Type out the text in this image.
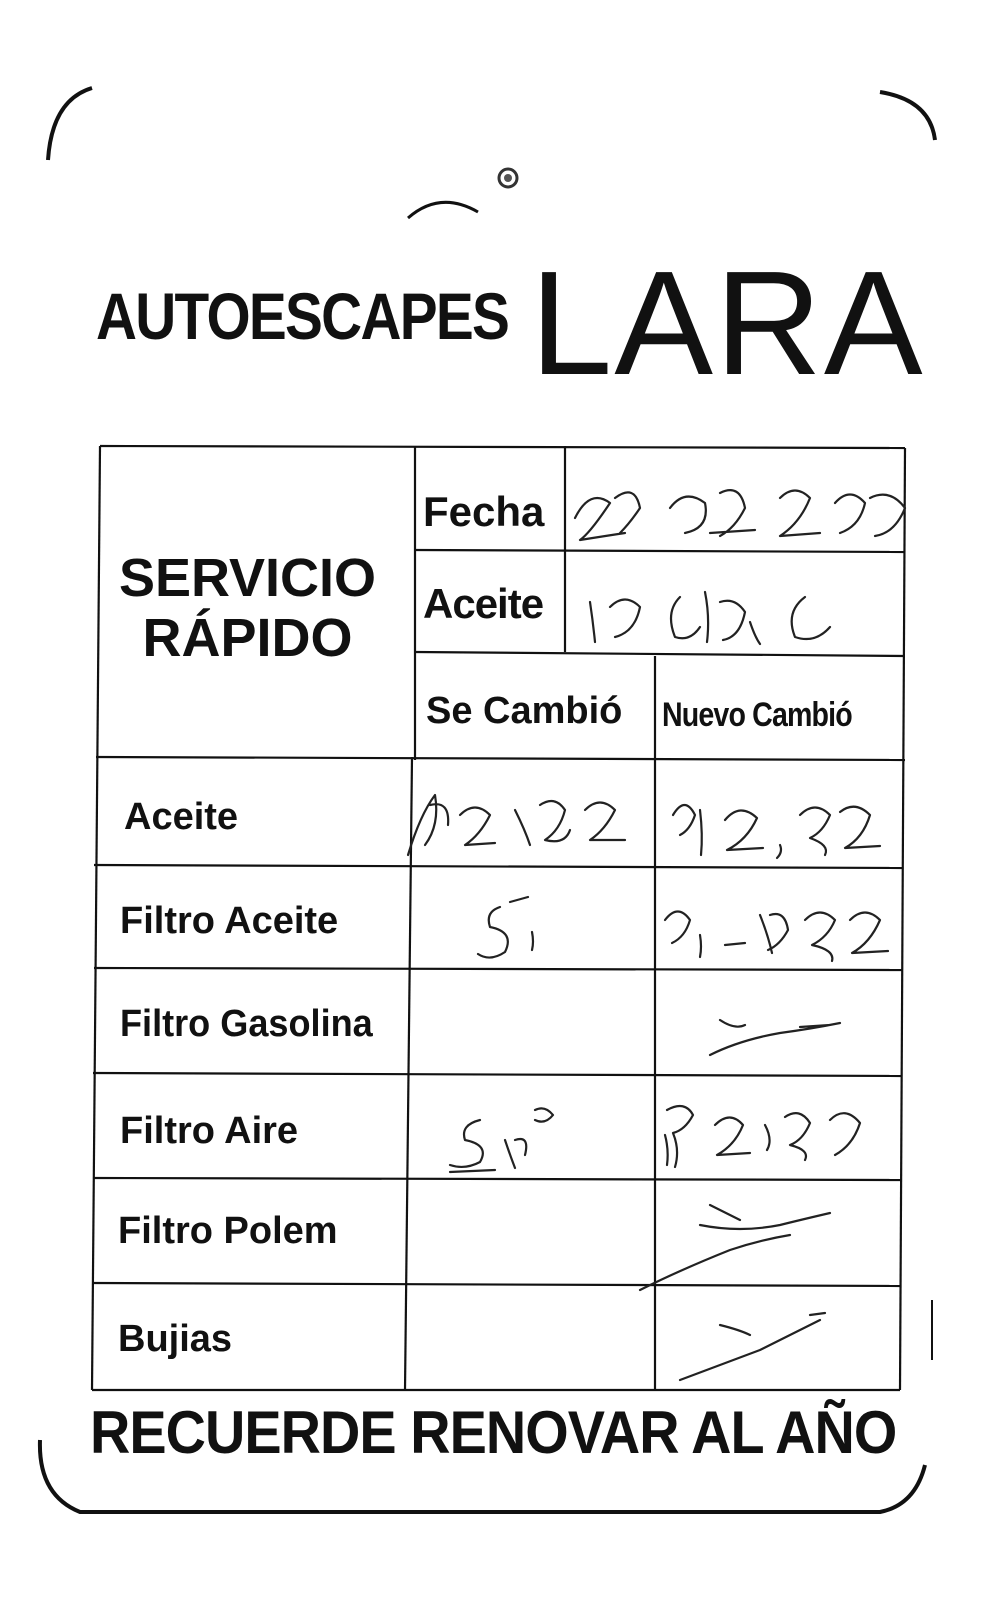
AUTOESCAPES LARA
SERVICIO
RÁPIDO
Fecha
Aceite
Se Cambió Nuevo Cambió
Aceite
Filtro Aceite
Filtro Gasolina
Filtro Aire
Filtro Polem
Bujias
RECUERDE RENOVAR AL AÑO
